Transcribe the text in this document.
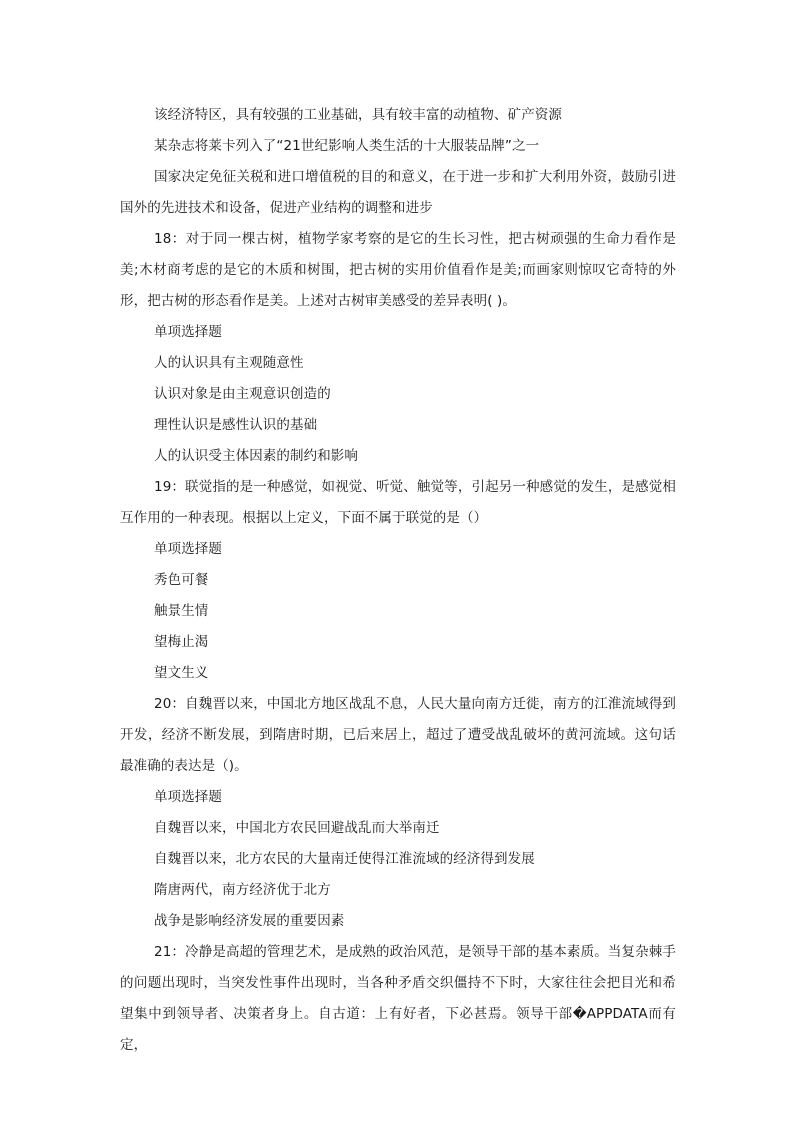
该经济特区，具有较强的工业基础，具有较丰富的动植物、矿产资源

某杂志将莱卡列入了“21世纪影响人类生活的十大服装品牌”之一

国家决定免征关税和进口增值税的目的和意义，在于进一步和扩大利用外资，鼓励引进国外的先进技术和设备，促进产业结构的调整和进步

18：对于同一棵古树，植物学家考察的是它的生长习性，把古树顽强的生命力看作是美;木材商考虑的是它的木质和树围，把古树的实用价值看作是美;而画家则惊叹它奇特的外形，把古树的形态看作是美。上述对古树审美感受的差异表明( )。

单项选择题

人的认识具有主观随意性

认识对象是由主观意识创造的

理性认识是感性认识的基础

人的认识受主体因素的制约和影响

19：联觉指的是一种感觉，如视觉、听觉、触觉等，引起另一种感觉的发生，是感觉相互作用的一种表现。根据以上定义，下面不属于联觉的是（）

单项选择题

秀色可餐

触景生情

望梅止渴

望文生义

20：自魏晋以来，中国北方地区战乱不息，人民大量向南方迁徙，南方的江淮流域得到开发，经济不断发展，到隋唐时期，已后来居上，超过了遭受战乱破坏的黄河流域。这句话最准确的表达是（)。

单项选择题

自魏晋以来，中国北方农民回避战乱而大举南迁

自魏晋以来，北方农民的大量南迁使得江淮流域的经济得到发展

隋唐两代，南方经济优于北方

战争是影响经济发展的重要因素

21：冷静是高超的管理艺术，是成熟的政治风范，是领导干部的基本素质。当复杂棘手的问题出现时，当突发性事件出现时，当各种矛盾交织僵持不下时，大家往往会把目光和希望集中到领导者、决策者身上。自古道：上有好者，下必甚焉。领导干部�APPDATA而有定，
